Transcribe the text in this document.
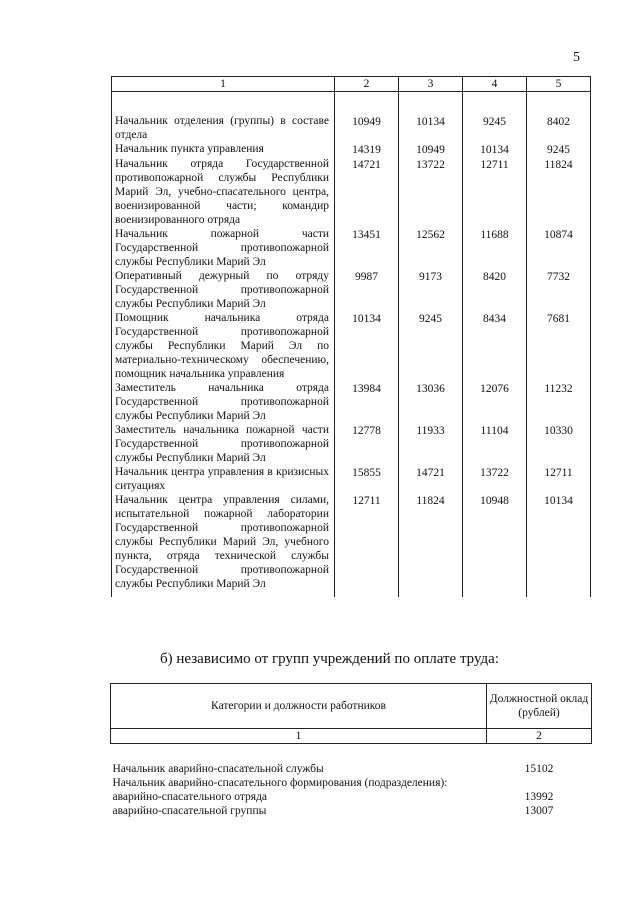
5
1	2	3	4	5

Начальник отделения (группы) в составе отдела	10949	10134	9245	8402
Начальник пункта управления	14319	10949	10134	9245
Начальник отряда Государственной противопожарной службы Республики Марий Эл, учебно-спасательного центра, военизированной части; командир военизированного отряда	14721	13722	12711	11824
Начальник пожарной части Государственной противопожарной службы Республики Марий Эл	13451	12562	11688	10874
Оперативный дежурный по отряду Государственной противопожарной службы Республики Марий Эл	9987	9173	8420	7732
Помощник начальника отряда Государственной противопожарной службы Республики Марий Эл по материально-техническому обеспечению, помощник начальника управления	10134	9245	8434	7681
Заместитель начальника отряда Государственной противопожарной службы Республики Марий Эл	13984	13036	12076	11232
Заместитель начальника пожарной части Государственной противопожарной службы Республики Марий Эл	12778	11933	11104	10330
Начальник центра управления в кризисных ситуациях	15855	14721	13722	12711
Начальник центра управления силами, испытательной пожарной лаборатории Государственной противопожарной службы Республики Марий Эл, учебного пункта, отряда технической службы Государственной противопожарной службы Республики Марий Эл	12711	11824	10948	10134
б) независимо от групп учреждений по оплате труда:
Категории и должности работников	Должностной оклад (рублей)
1	2

Начальник аварийно-спасательной службы	15102
Начальник аварийно-спасательного формирования (подразделения):	
аварийно-спасательного отряда	13992
аварийно-спасательной группы	13007
